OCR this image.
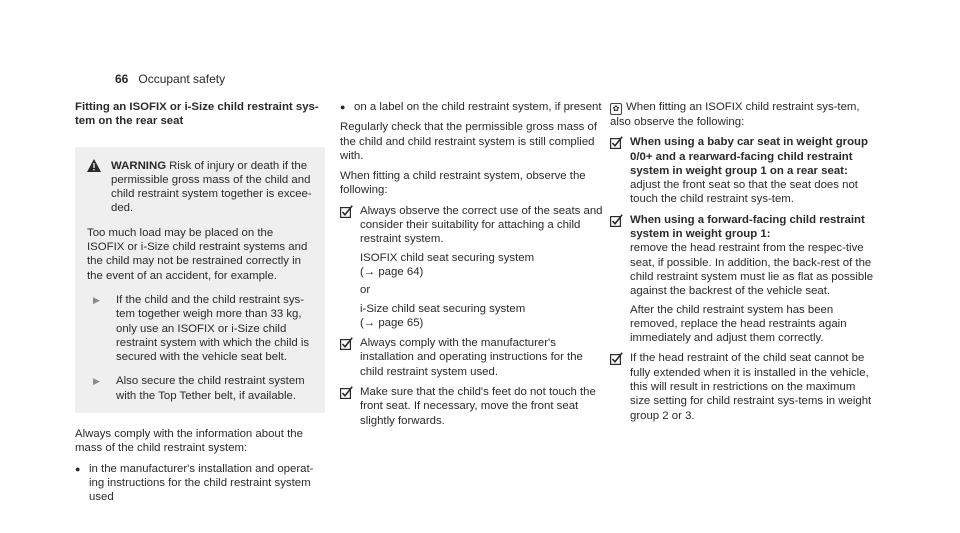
66 Occupant safety
Fitting an ISOFIX or i-Size child restraint sys-tem on the rear seat
WARNING Risk of injury or death if the permissible gross mass of the child and child restraint system together is excee-ded.

Too much load may be placed on the ISOFIX or i-Size child restraint systems and the child may not be restrained correctly in the event of an accident, for example.

▶ If the child and the child restraint sys-tem together weigh more than 33 kg, only use an ISOFIX or i-Size child restraint system with which the child is secured with the vehicle seat belt.
▶ Also secure the child restraint system with the Top Tether belt, if available.

Always comply with the information about the mass of the child restraint system:

● in the manufacturer's installation and operat-ing instructions for the child restraint system used
● on a label on the child restraint system, if present

Regularly check that the permissible gross mass of the child and child restraint system is still complied with.

When fitting a child restraint system, observe the following:

Always observe the correct use of the seats and consider their suitability for attaching a child restraint system.
ISOFIX child seat securing system
(→ page 64)
or
i-Size child seat securing system
(→ page 65)
Always comply with the manufacturer's installation and operating instructions for the child restraint system used.
Make sure that the child's feet do not touch the front seat. If necessary, move the front seat slightly forwards.

✿ When fitting an ISOFIX child restraint sys-tem, also observe the following:

When using a baby car seat in weight group 0/0+ and a rearward-facing child restraint system in weight group 1 on a rear seat: adjust the front seat so that the seat does not touch the child restraint sys-tem.
When using a forward-facing child restraint system in weight group 1:
remove the head restraint from the respec-tive seat, if possible. In addition, the back-rest of the child restraint system must lie as flat as possible against the backrest of the vehicle seat.
After the child restraint system has been removed, replace the head restraints again immediately and adjust them correctly.
If the head restraint of the child seat cannot be fully extended when it is installed in the vehicle, this will result in restrictions on the maximum size setting for child restraint sys-tems in weight group 2 or 3.
